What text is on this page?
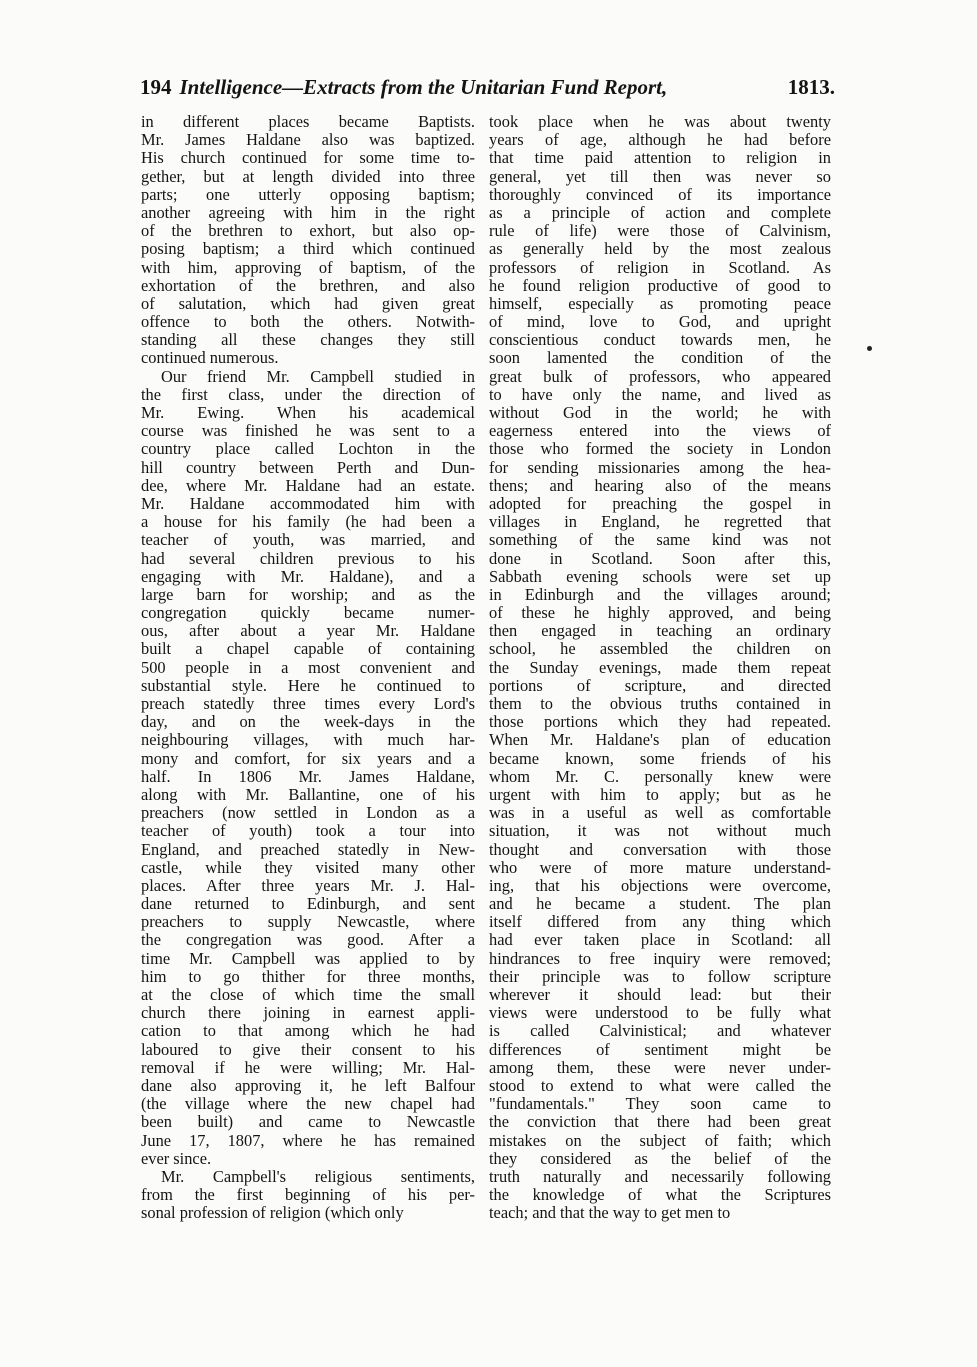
194 Intelligence—Extracts from the Unitarian Fund Report,	1813.
in different places became Baptists.
Mr. James Haldane also was baptized.
His church continued for some time to-
gether, but at length divided into three
parts; one utterly opposing baptism;
another agreeing with him in the right
of the brethren to exhort, but also op-
posing baptism; a third which continued
with him, approving of baptism, of the
exhortation of the brethren, and also
of salutation, which had given great
offence to both the others. Notwith-
standing all these changes they still
continued numerous.
Our friend Mr. Campbell studied in
the first class, under the direction of
Mr. Ewing. When his academical
course was finished he was sent to a
country place called Lochton in the
hill country between Perth and Dun-
dee, where Mr. Haldane had an estate.
Mr. Haldane accommodated him with
a house for his family (he had been a
teacher of youth, was married, and
had several children previous to his
engaging with Mr. Haldane), and a
large barn for worship; and as the
congregation quickly became numer-
ous, after about a year Mr. Haldane
built a chapel capable of containing
500 people in a most convenient and
substantial style. Here he continued to
preach statedly three times every Lord's
day, and on the week-days in the
neighbouring villages, with much har-
mony and comfort, for six years and a
half. In 1806 Mr. James Haldane,
along with Mr. Ballantine, one of his
preachers (now settled in London as a
teacher of youth) took a tour into
England, and preached statedly in New-
castle, while they visited many other
places. After three years Mr. J. Hal-
dane returned to Edinburgh, and sent
preachers to supply Newcastle, where
the congregation was good. After a
time Mr. Campbell was applied to by
him to go thither for three months,
at the close of which time the small
church there joining in earnest appli-
cation to that among which he had
laboured to give their consent to his
removal if he were willing; Mr. Hal-
dane also approving it, he left Balfour
(the village where the new chapel had
been built) and came to Newcastle
June 17, 1807, where he has remained
ever since.
Mr. Campbell's religious sentiments,
from the first beginning of his per-
sonal profession of religion (which only
took place when he was about twenty
years of age, although he had before
that time paid attention to religion in
general, yet till then was never so
thoroughly convinced of its importance
as a principle of action and complete
rule of life) were those of Calvinism,
as generally held by the most zealous
professors of religion in Scotland. As
he found religion productive of good to
himself, especially as promoting peace
of mind, love to God, and upright
conscientious conduct towards men, he
soon lamented the condition of the
great bulk of professors, who appeared
to have only the name, and lived as
without God in the world; he with
eagerness entered into the views of
those who formed the society in London
for sending missionaries among the hea-
thens; and hearing also of the means
adopted for preaching the gospel in
villages in England, he regretted that
something of the same kind was not
done in Scotland. Soon after this,
Sabbath evening schools were set up
in Edinburgh and the villages around;
of these he highly approved, and being
then engaged in teaching an ordinary
school, he assembled the children on
the Sunday evenings, made them repeat
portions of scripture, and directed
them to the obvious truths contained in
those portions which they had repeated.
When Mr. Haldane's plan of education
became known, some friends of his
whom Mr. C. personally knew were
urgent with him to apply; but as he
was in a useful as well as comfortable
situation, it was not without much
thought and conversation with those
who were of more mature understand-
ing, that his objections were overcome,
and he became a student. The plan
itself differed from any thing which
had ever taken place in Scotland: all
hindrances to free inquiry were removed;
their principle was to follow scripture
wherever it should lead: but their
views were understood to be fully what
is called Calvinistical; and whatever
differences of sentiment might be
among them, these were never under-
stood to extend to what were called the
"fundamentals." They soon came to
the conviction that there had been great
mistakes on the subject of faith; which
they considered as the belief of the
truth naturally and necessarily following
the knowledge of what the Scriptures
teach; and that the way to get men to
